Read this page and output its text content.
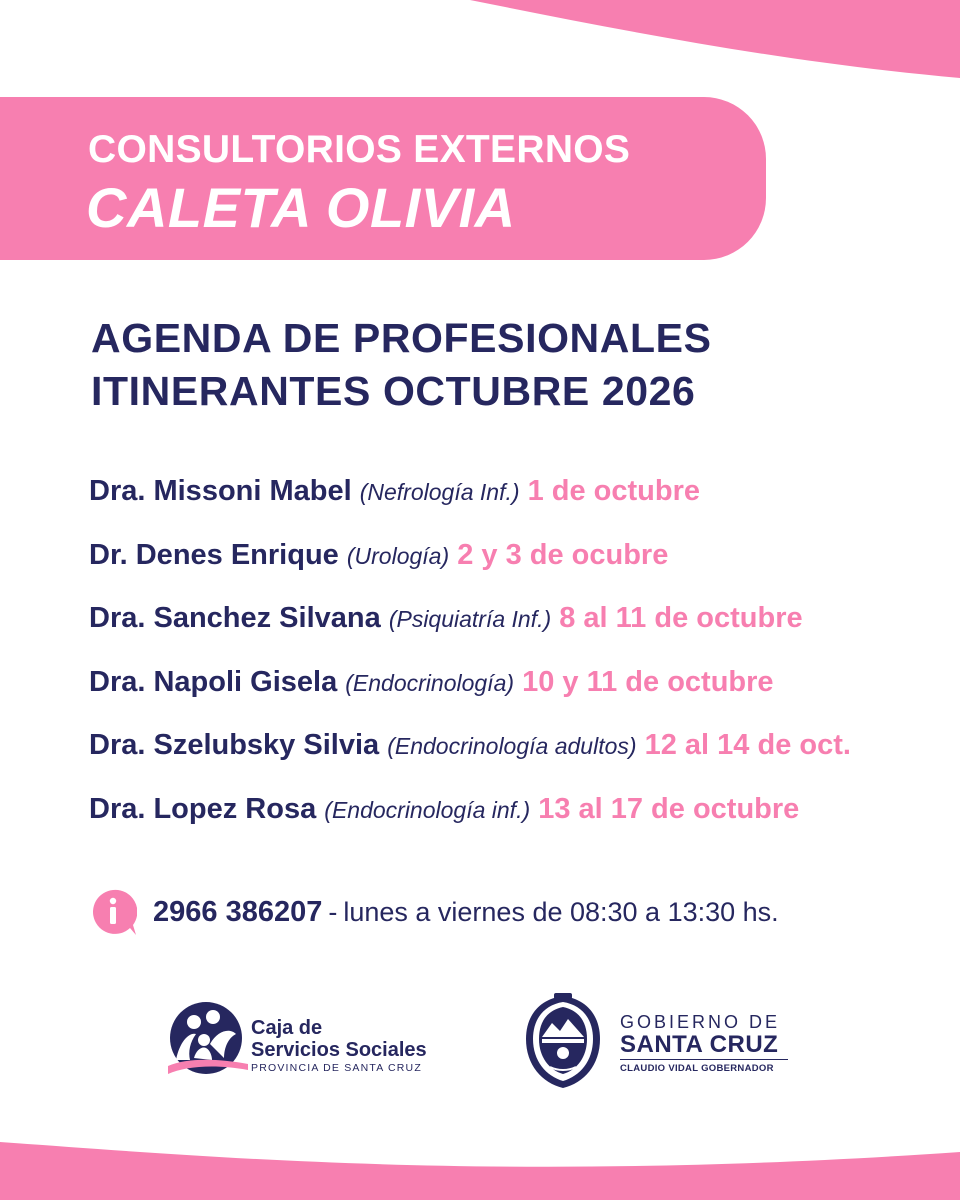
CONSULTORIOS EXTERNOS
CALETA OLIVIA
AGENDA DE PROFESIONALES
ITINERANTES OCTUBRE 2026
Dra. Missoni Mabel (Nefrología Inf.) 1 de octubre
Dr. Denes Enrique (Urología) 2 y 3 de ocubre
Dra. Sanchez Silvana (Psiquiatría Inf.) 8 al 11 de octubre
Dra. Napoli Gisela (Endocrinología) 10 y 11 de octubre
Dra. Szelubsky Silvia (Endocrinología adultos) 12 al 14 de oct.
Dra. Lopez Rosa (Endocrinología inf.) 13 al 17 de octubre
2966 386207 - lunes a viernes de 08:30 a 13:30 hs.
Caja de
Servicios Sociales
PROVINCIA DE SANTA CRUZ
GOBIERNO DE
SANTA CRUZ
CLAUDIO VIDAL GOBERNADOR
